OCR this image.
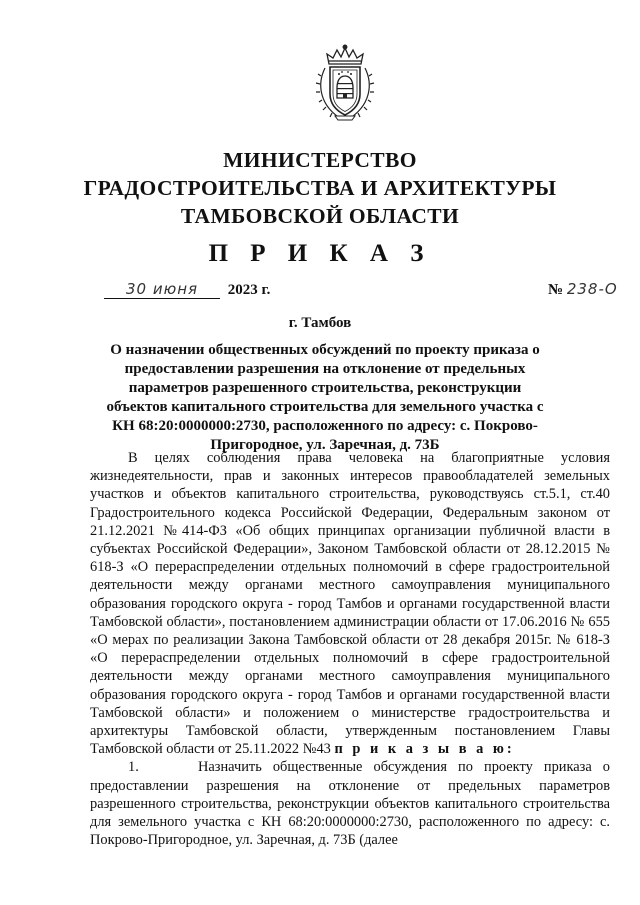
МИНИСТЕРСТВО
ГРАДОСТРОИТЕЛЬСТВА И АРХИТЕКТУРЫ
ТАМБОВСКОЙ ОБЛАСТИ
П Р И К А З
30 июня 2023 г.	№ 238-О
г. Тамбов
О назначении общественных обсуждений по проекту приказа о предоставлении разрешения на отклонение от предельных параметров разрешенного строительства, реконструкции объектов капитального строительства для земельного участка с КН 68:20:0000000:2730, расположенного по адресу: с. Покрово-Пригородное, ул. Заречная, д. 73Б

В целях соблюдения права человека на благоприятные условия жизнедеятельности, прав и законных интересов правообладателей земельных участков и объектов капитального строительства, руководствуясь ст.5.1, ст.40 Градостроительного кодекса Российской Федерации, Федеральным законом от 21.12.2021 №414-ФЗ «Об общих принципах организации публичной власти в субъектах Российской Федерации», Законом Тамбовской области от 28.12.2015 № 618-З «О перераспределении отдельных полномочий в сфере градостроительной деятельности между органами местного самоуправления муниципального образования городского округа - город Тамбов и органами государственной власти Тамбовской области», постановлением администрации области от 17.06.2016 № 655 «О мерах по реализации Закона Тамбовской области от 28 декабря 2015г. № 618-З «О перераспределении отдельных полномочий в сфере градостроительной деятельности между органами местного самоуправления муниципального образования городского округа - город Тамбов и органами государственной власти Тамбовской области» и положением о министерстве градостроительства и архитектуры Тамбовской области, утвержденным постановлением Главы Тамбовской области от 25.11.2022 №43 п р и к а з ы в а ю:

1.	Назначить общественные обсуждения по проекту приказа о предоставлении разрешения на отклонение от предельных параметров разрешенного строительства, реконструкции объектов капитального строительства для земельного участка с КН 68:20:0000000:2730, расположенного по адресу: с. Покрово-Пригородное, ул. Заречная, д. 73Б (далее
